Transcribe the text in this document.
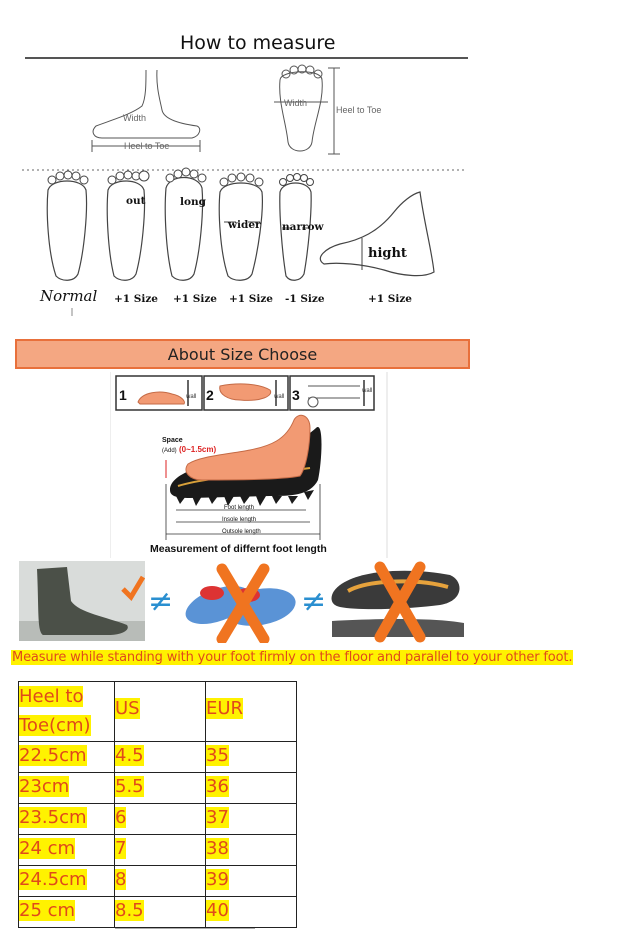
How to measure
Width
Heel to Toe
Width
Heel to Toe
out	long
wider narrow
hight
Normal +1 Size +1 Size +1 Size -1 Size	+1 Size
About Size Choose
1	wall 2	wall 3	wall
Space
(Add) (0~1.5cm)
Foot length
Insole length
Outsole length
Measurement of differnt foot length
≠	≠
Measure while standing with your foot firmly on the floor and parallel to your other foot.
Heel to
Toe(cm)	US	EUR

22.5cm	4.5	35

23cm	5.5	36

23.5cm	6	37

24 cm	7	38

24.5cm	8	39

25 cm	8.5	40
